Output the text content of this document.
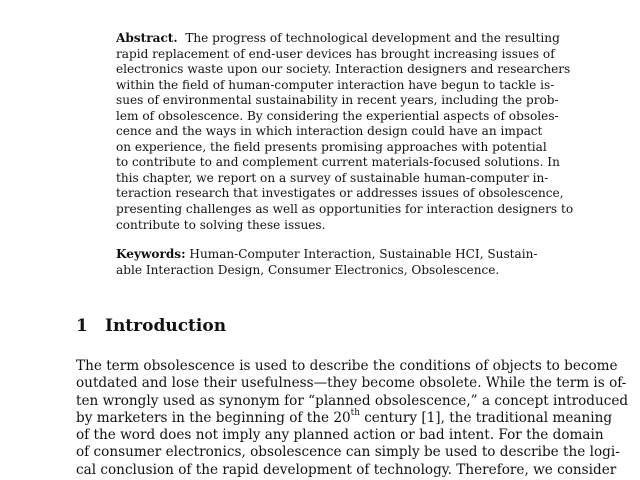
Abstract. The progress of technological development and the resulting
rapid replacement of end-user devices has brought increasing issues of
electronics waste upon our society. Interaction designers and researchers
within the field of human-computer interaction have begun to tackle is-
sues of environmental sustainability in recent years, including the prob-
lem of obsolescence. By considering the experiential aspects of obsoles-
cence and the ways in which interaction design could have an impact
on experience, the field presents promising approaches with potential
to contribute to and complement current materials-focused solutions. In
this chapter, we report on a survey of sustainable human-computer in-
teraction research that investigates or addresses issues of obsolescence,
presenting challenges as well as opportunities for interaction designers to
contribute to solving these issues.
Keywords: Human-Computer Interaction, Sustainable HCI, Sustain-
able Interaction Design, Consumer Electronics, Obsolescence.
1 Introduction
The term obsolescence is used to describe the conditions of objects to become
outdated and lose their usefulness—they become obsolete. While the term is of-
ten wrongly used as synonym for “planned obsolescence,” a concept introduced
by marketers in the beginning of the 20th century [1], the traditional meaning
of the word does not imply any planned action or bad intent. For the domain
of consumer electronics, obsolescence can simply be used to describe the logi-
cal conclusion of the rapid development of technology. Therefore, we consider
